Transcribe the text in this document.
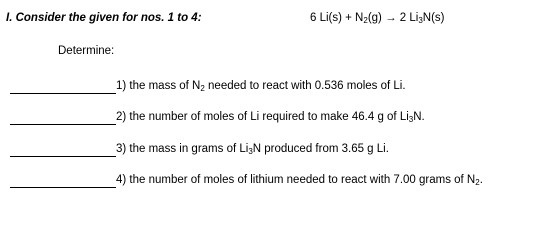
I. Consider the given for nos. 1 to 4:	6 $Li(s) + N_2(g) \to 2$ $Li_3N(s)$
Determine:
1) the mass of $N_2$ needed to react with 0.536 moles of Li.
2) the number of moles of Li required to make 46.4 g of $Li_3N$.
3) the mass in grams of $Li_3N$ produced from 3.65 g Li.
4) the number of moles of lithium needed to react with 7.00 grams of $N_2$.
